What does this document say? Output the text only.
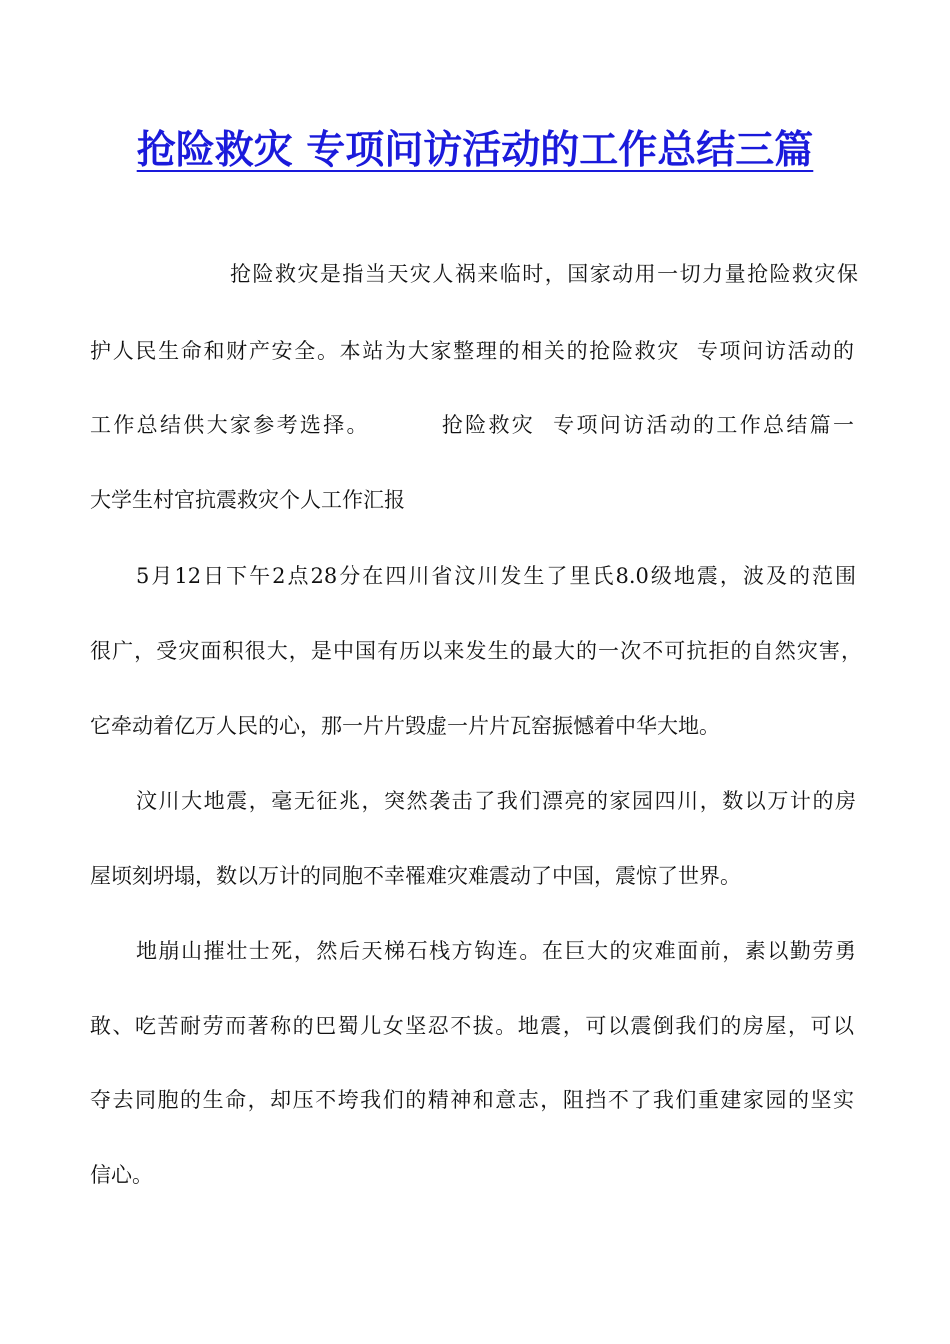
抢险救灾 专项问访活动的工作总结三篇
抢险救灾是指当天灾人祸来临时，国家动用一切力量抢险救灾保
护人民生命和财产安全。本站为大家整理的相关的抢险救灾  专项问访活动的
工作总结供大家参考选择。        抢险救灾  专项问访活动的工作总结篇一
大学生村官抗震救灾个人工作汇报
5月12日下午2点28分在四川省汶川发生了里氏8.0级地震，波及的范围
很广，受灾面积很大，是中国有历以来发生的最大的一次不可抗拒的自然灾害，
它牵动着亿万人民的心，那一片片毁虚一片片瓦窑振憾着中华大地。
汶川大地震，毫无征兆，突然袭击了我们漂亮的家园四川，数以万计的房
屋顷刻坍塌，数以万计的同胞不幸罹难灾难震动了中国，震惊了世界。
地崩山摧壮士死，然后天梯石栈方钩连。在巨大的灾难面前，素以勤劳勇
敢、吃苦耐劳而著称的巴蜀儿女坚忍不拔。地震，可以震倒我们的房屋，可以
夺去同胞的生命，却压不垮我们的精神和意志，阻挡不了我们重建家园的坚实
信心。
